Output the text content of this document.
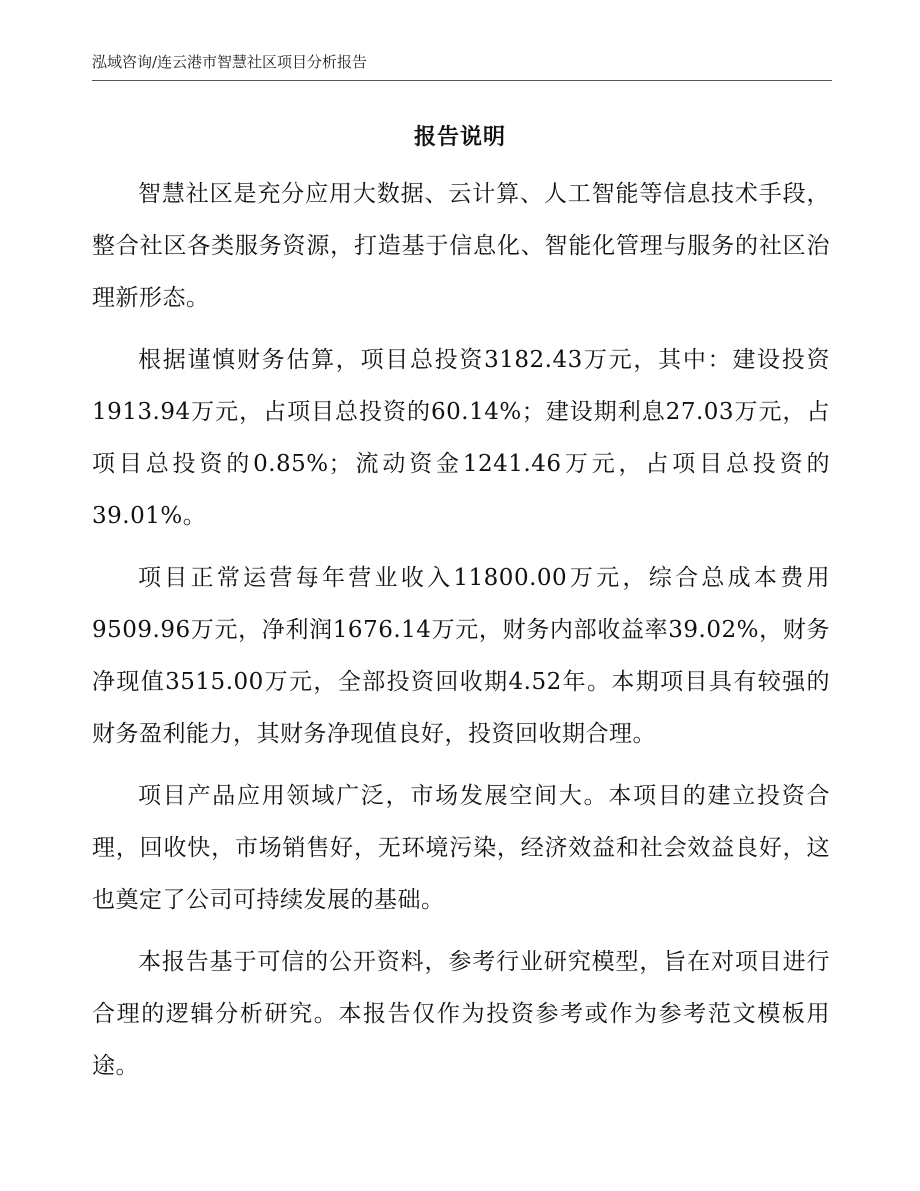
泓域咨询/连云港市智慧社区项目分析报告
报告说明

智慧社区是充分应用大数据、云计算、人工智能等信息技术手段，整合社区各类服务资源，打造基于信息化、智能化管理与服务的社区治理新形态。

根据谨慎财务估算，项目总投资3182.43万元，其中：建设投资1913.94万元，占项目总投资的60.14%；建设期利息27.03万元，占项目总投资的0.85%；流动资金1241.46万元，占项目总投资的39.01%。

项目正常运营每年营业收入11800.00万元，综合总成本费用9509.96万元，净利润1676.14万元，财务内部收益率39.02%，财务净现值3515.00万元，全部投资回收期4.52年。本期项目具有较强的财务盈利能力，其财务净现值良好，投资回收期合理。

项目产品应用领域广泛，市场发展空间大。本项目的建立投资合理，回收快，市场销售好，无环境污染，经济效益和社会效益良好，这也奠定了公司可持续发展的基础。

本报告基于可信的公开资料，参考行业研究模型，旨在对项目进行合理的逻辑分析研究。本报告仅作为投资参考或作为参考范文模板用途。
